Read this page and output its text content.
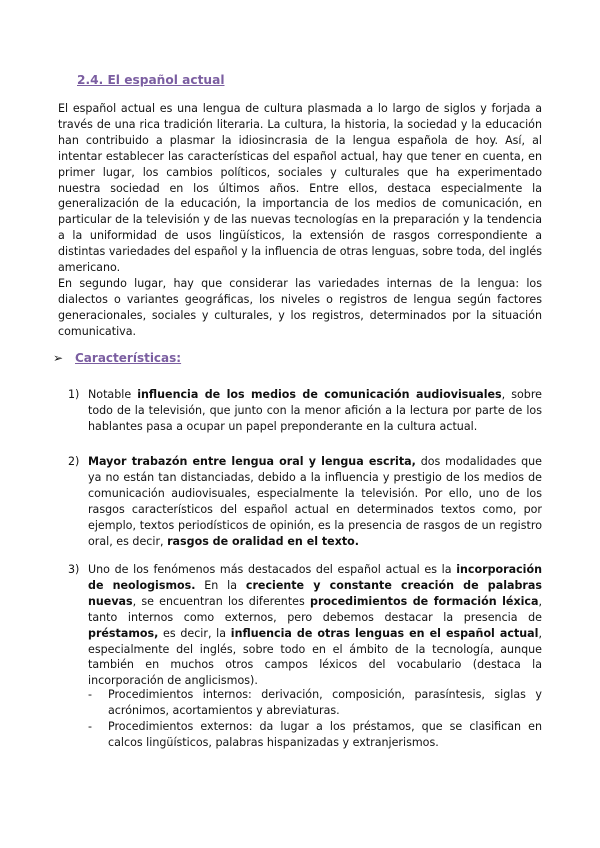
2.4. El español actual

El español actual es una lengua de cultura plasmada a lo largo de siglos y forjada a través de una rica tradición literaria. La cultura, la historia, la sociedad y la educación han contribuido a plasmar la idiosincrasia de la lengua española de hoy. Así, al intentar establecer las características del español actual, hay que tener en cuenta, en primer lugar, los cambios políticos, sociales y culturales que ha experimentado nuestra sociedad en los últimos años. Entre ellos, destaca especialmente la generalización de la educación, la importancia de los medios de comunicación, en particular de la televisión y de las nuevas tecnologías en la preparación y la tendencia a la uniformidad de usos lingüísticos, la extensión de rasgos correspondiente a distintas variedades del español y la influencia de otras lenguas, sobre toda, del inglés americano.

En segundo lugar, hay que considerar las variedades internas de la lengua: los dialectos o variantes geográficas, los niveles o registros de lengua según factores generacionales, sociales y culturales, y los registros, determinados por la situación comunicativa.

➢ Características:
1) Notable influencia de los medios de comunicación audiovisuales, sobre todo de la televisión, que junto con la menor afición a la lectura por parte de los hablantes pasa a ocupar un papel preponderante en la cultura actual.
2) Mayor trabazón entre lengua oral y lengua escrita, dos modalidades que ya no están tan distanciadas, debido a la influencia y prestigio de los medios de comunicación audiovisuales, especialmente la televisión. Por ello, uno de los rasgos característicos del español actual en determinados textos como, por ejemplo, textos periodísticos de opinión, es la presencia de rasgos de un registro oral, es decir, rasgos de oralidad en el texto.
3) Uno de los fenómenos más destacados del español actual es la incorporación de neologismos. En la creciente y constante creación de palabras nuevas, se encuentran los diferentes procedimientos de formación léxica, tanto internos como externos, pero debemos destacar la presencia de préstamos, es decir, la influencia de otras lenguas en el español actual, especialmente del inglés, sobre todo en el ámbito de la tecnología, aunque también en muchos otros campos léxicos del vocabulario (destaca la incorporación de anglicismos).
-	Procedimientos internos: derivación, composición, parasíntesis, siglas y acrónimos, acortamientos y abreviaturas.
-	Procedimientos externos: da lugar a los préstamos, que se clasifican en calcos lingüísticos, palabras hispanizadas y extranjerismos.
